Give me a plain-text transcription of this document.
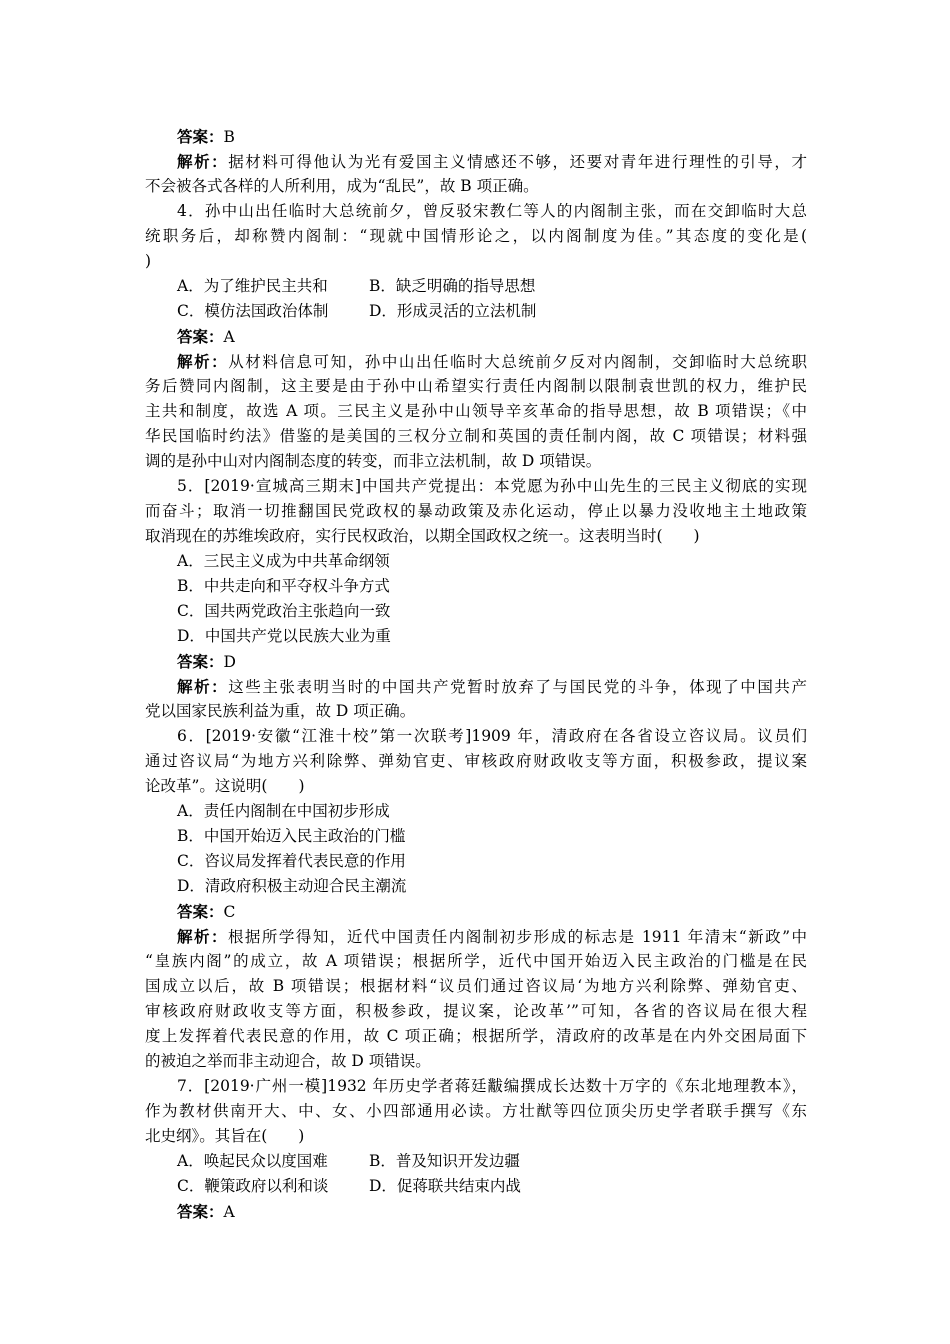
答案：B
解析：据材料可得他认为光有爱国主义情感还不够，还要对青年进行理性的引导，才
不会被各式各样的人所利用，成为“乱民”，故 B 项正确。
4．孙中山出任临时大总统前夕，曾反驳宋教仁等人的内阁制主张，而在交卸临时大总
统职务后，却称赞内阁制：“现就中国情形论之，以内阁制度为佳。”其态度的变化是(
)
A．为了维护民主共和	B．缺乏明确的指导思想
C．模仿法国政治体制	D．形成灵活的立法机制
答案：A
解析：从材料信息可知，孙中山出任临时大总统前夕反对内阁制，交卸临时大总统职
务后赞同内阁制，这主要是由于孙中山希望实行责任内阁制以限制袁世凯的权力，维护民
主共和制度，故选 A 项。三民主义是孙中山领导辛亥革命的指导思想，故 B 项错误；《中
华民国临时约法》借鉴的是美国的三权分立制和英国的责任制内阁，故 C 项错误；材料强
调的是孙中山对内阁制态度的转变，而非立法机制，故 D 项错误。
5．[2019·宣城高三期末]中国共产党提出：本党愿为孙中山先生的三民主义彻底的实现
而奋斗；取消一切推翻国民党政权的暴动政策及赤化运动，停止以暴力没收地主土地政策
取消现在的苏维埃政府，实行民权政治，以期全国政权之统一。这表明当时(　　)
A．三民主义成为中共革命纲领
B．中共走向和平夺权斗争方式
C．国共两党政治主张趋向一致
D．中国共产党以民族大业为重
答案：D
解析：这些主张表明当时的中国共产党暂时放弃了与国民党的斗争，体现了中国共产
党以国家民族利益为重，故 D 项正确。
6．[2019·安徽“江淮十校”第一次联考]1909 年，清政府在各省设立咨议局。议员们
通过咨议局“为地方兴利除弊、弹劾官吏、审核政府财政收支等方面，积极参政，提议案
论改革”。这说明(　　)
A．责任内阁制在中国初步形成
B．中国开始迈入民主政治的门槛
C．咨议局发挥着代表民意的作用
D．清政府积极主动迎合民主潮流
答案：C
解析：根据所学得知，近代中国责任内阁制初步形成的标志是 1911 年清末“新政”中
“皇族内阁”的成立，故 A 项错误；根据所学，近代中国开始迈入民主政治的门槛是在民
国成立以后，故 B 项错误；根据材料“议员们通过咨议局‘为地方兴利除弊、弹劾官吏、
审核政府财政收支等方面，积极参政，提议案，论改革’”可知，各省的咨议局在很大程
度上发挥着代表民意的作用，故 C 项正确；根据所学，清政府的改革是在内外交困局面下
的被迫之举而非主动迎合，故 D 项错误。
7．[2019·广州一模]1932 年历史学者蒋廷黻编撰成长达数十万字的《东北地理教本》，
作为教材供南开大、中、女、小四部通用必读。方壮猷等四位顶尖历史学者联手撰写《东
北史纲》。其旨在(　　)
A．唤起民众以度国难	B．普及知识开发边疆
C．鞭策政府以利和谈	D．促蒋联共结束内战
答案：A
